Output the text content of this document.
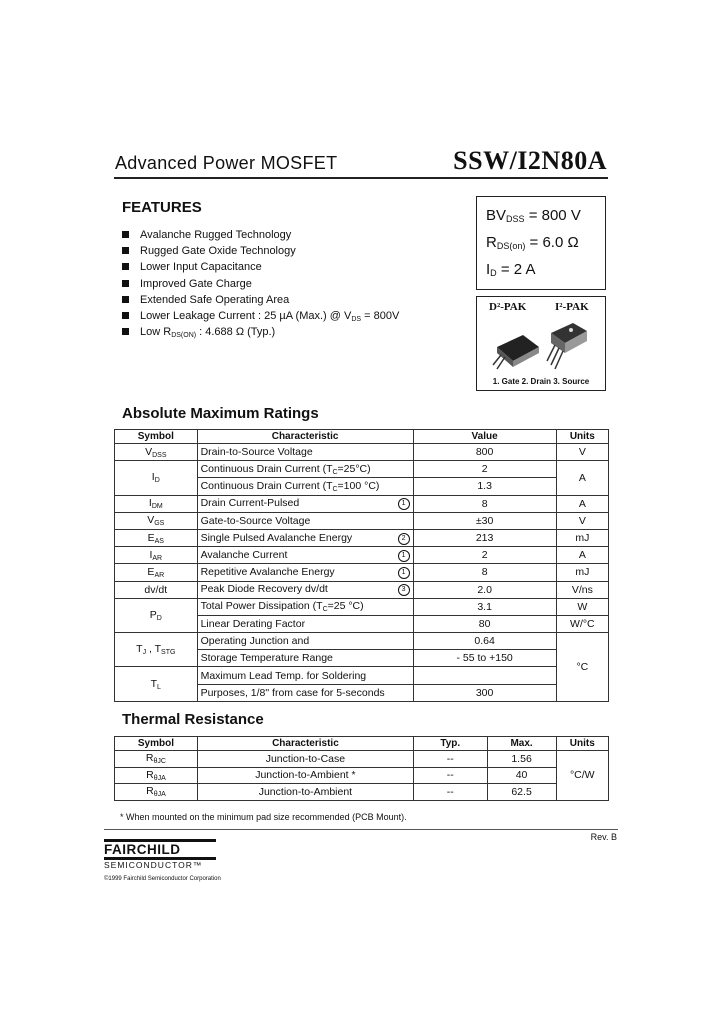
Advanced Power MOSFET	SSW/I2N80A
FEATURES
Avalanche Rugged Technology
Rugged Gate Oxide Technology
Lower Input Capacitance
Improved Gate Charge
Extended Safe Operating Area
Lower Leakage Current : 25 µA (Max.) @ $V_{DS} = 800V$
Low $R_{DS(ON)}$ : 4.688 Ω (Typ.)
$BV_{DSS} = 800$ V
$R_{DS(on)} = 6.0$ Ω
$I_D = 2$ A
D²-PAK	I²-PAK
1. Gate 2. Drain 3. Source
Absolute Maximum Ratings
Symbol	Characteristic	Value	Units
$V_{DSS}$	Drain-to-Source Voltage	800	V
$I_D$	Continuous Drain Current $(T_C=25^\circ C)$	2	A
	Continuous Drain Current ($T_C=100$ °C)	1.3	
$I_{DM}$	Drain Current-Pulsed 1	8	A
$V_{GS}$	Gate-to-Source Voltage	±30	V
$E_{AS}$	Single Pulsed Avalanche Energy 2	213	mJ
$I_{AR}$	Avalanche Current 1	2	A
$E_{AR}$	Repetitive Avalanche Energy 1	8	mJ
dv/dt	Peak Diode Recovery dv/dt 3	2.0	V/ns
$P_D$	Total Power Dissipation ($T_C=25$ °C)	3.1	W
	Linear Derating Factor	80	W/°C
$T_J$ , $T_{STG}$	Operating Junction and	0.64	°C
	Storage Temperature Range	- 55 to +150	
$T_L$	Maximum Lead Temp. for Soldering		
	Purposes, 1/8" from case for 5-seconds	300	
Thermal Resistance
Symbol	Characteristic	Typ.	Max.	Units
$R_{\theta JC}$	Junction-to-Case	--	1.56	°C/W
$R_{\theta JA}$	Junction-to-Ambient *	--	40	
$R_{\theta JA}$	Junction-to-Ambient	--	62.5	
* When mounted on the minimum pad size recommended (PCB Mount).
Rev. B
FAIRCHILD
SEMICONDUCTOR™
©1999 Fairchild Semiconductor Corporation
